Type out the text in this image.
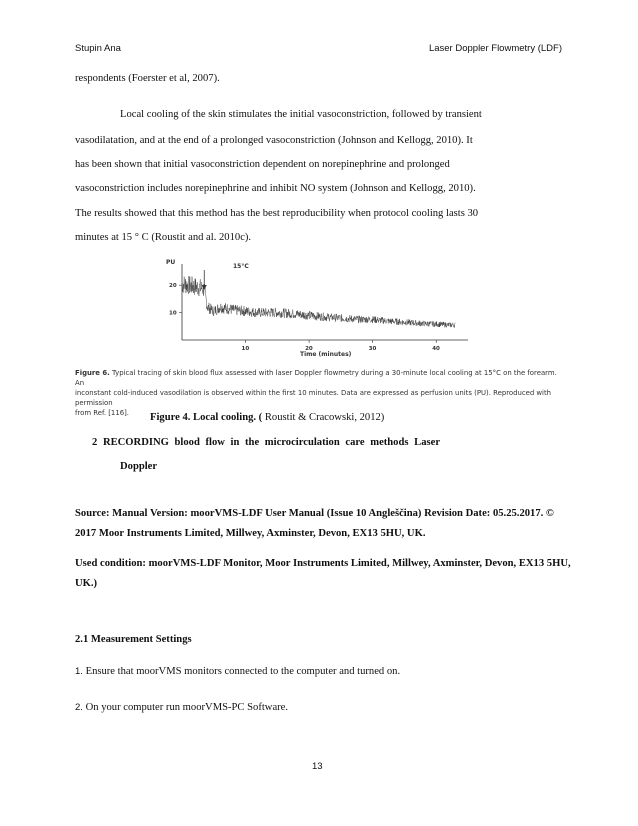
Stupin Ana	Laser Doppler Flowmetry (LDF)
respondents (Foerster et al, 2007).
Local cooling of the skin stimulates the initial vasoconstriction, followed by transient
vasodilatation, and at the end of a prolonged vasoconstriction (Johnson and Kellogg, 2010). It
has been shown that initial vasoconstriction dependent on norepinephrine and prolonged
vasoconstriction includes norepinephrine and inhibit NO system (Johnson and Kellogg, 2010).
The results showed that this method has the best reproducibility when protocol cooling lasts 30
minutes at 15 ° C (Roustit and al. 2010c).
10	20	30	40
10
20
PU
Time (minutes)
15°C
Figure 6. Typical tracing of skin blood flux assessed with laser Doppler flowmetry during a 30-minute local cooling at 15°C on the forearm. An
inconstant cold-induced vasodilation is observed within the first 10 minutes. Data are expressed as perfusion units (PU). Reproduced with permission
from Ref. [116].	Figure 4. Local cooling. ( Roustit & Cracowski, 2012)
2 RECORDING blood flow in the microcirculation care methods Laser
Doppler
Source: Manual Version: moorVMS-LDF User Manual (Issue 10 Angleščina) Revision Date: 05.25.2017. ©
2017 Moor Instruments Limited, Millwey, Axminster, Devon, EX13 5HU, UK.
Used condition: moorVMS-LDF Monitor, Moor Instruments Limited, Millwey, Axminster, Devon, EX13 5HU,
UK.)
2.1 Measurement Settings
1. Ensure that moorVMS monitors connected to the computer and turned on.
2. On your computer run moorVMS-PC Software.
13
